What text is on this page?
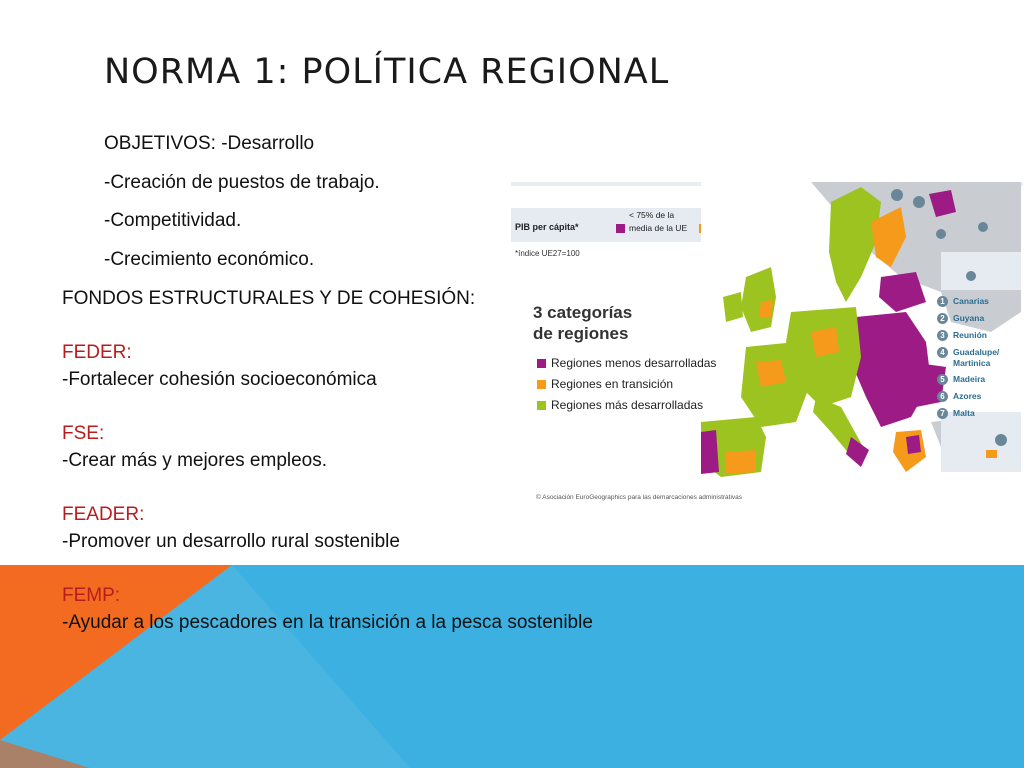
NORMA 1: POLÍTICA REGIONAL
OBJETIVOS: -Desarrollo
-Creación de puestos de trabajo.
-Competitividad.
-Crecimiento económico.

FONDOS ESTRUCTURALES Y DE COHESIÓN:

FEDER:

-Fortalecer cohesión socioeconómica

FSE:

-Crear más y mejores empleos.

FEADER:

-Promover un desarrollo rural sostenible

FEMP:

-Ayudar a los pescadores en la transición a la pesca sostenible

PIB per cápita*
*índice UE27=100
< 75% de la
media de la UE

3 categorías
de regiones

Regiones menos desarrolladas
Regiones en transición
Regiones más desarrolladas
1 Canarias
2 Guyana
3 Reunión
4 Guadalupe/
Martinica
5 Madeira
6 Azores
7 Malta
© Asociación EuroGeographics para las demarcaciones administrativas
